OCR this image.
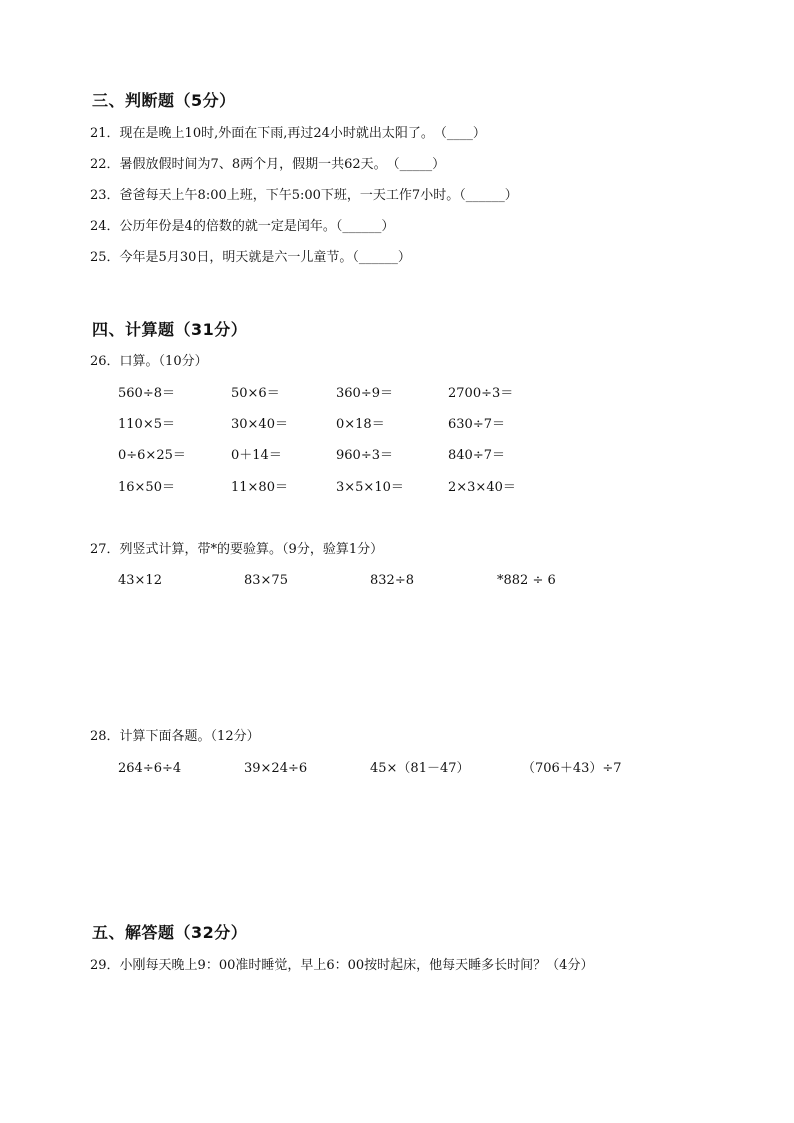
三、判断题（5分）
21．现在是晚上10时,外面在下雨,再过24小时就出太阳了。　（____）
22．暑假放假时间为7、8两个月，假期一共62天。　（_____）
23．爸爸每天上午8:00上班，下午5:00下班，一天工作7小时。（______）
24．公历年份是4的倍数的就一定是闰年。（______）
25．今年是5月30日，明天就是六一儿童节。（______）
四、计算题（31分）
26．口算。（10分）
560÷8＝	50×6＝	360÷9＝	2700÷3＝
110×5＝	30×40＝	0×18＝	630÷7＝
0÷6×25＝	0＋14＝	960÷3＝	840÷7＝
16×50＝	11×80＝	3×5×10＝	2×3×40＝
27．列竖式计算，带*的要验算。（9分，验算1分）
43×12	83×75	832÷8	*882 ÷ 6
28．计算下面各题。（12分）
264÷6÷4	39×24÷6	45×（81－47）	（706＋43）÷7
五、解答题（32分）
29．小刚每天晚上9：00准时睡觉，早上6：00按时起床，他每天睡多长时间？（4分）
